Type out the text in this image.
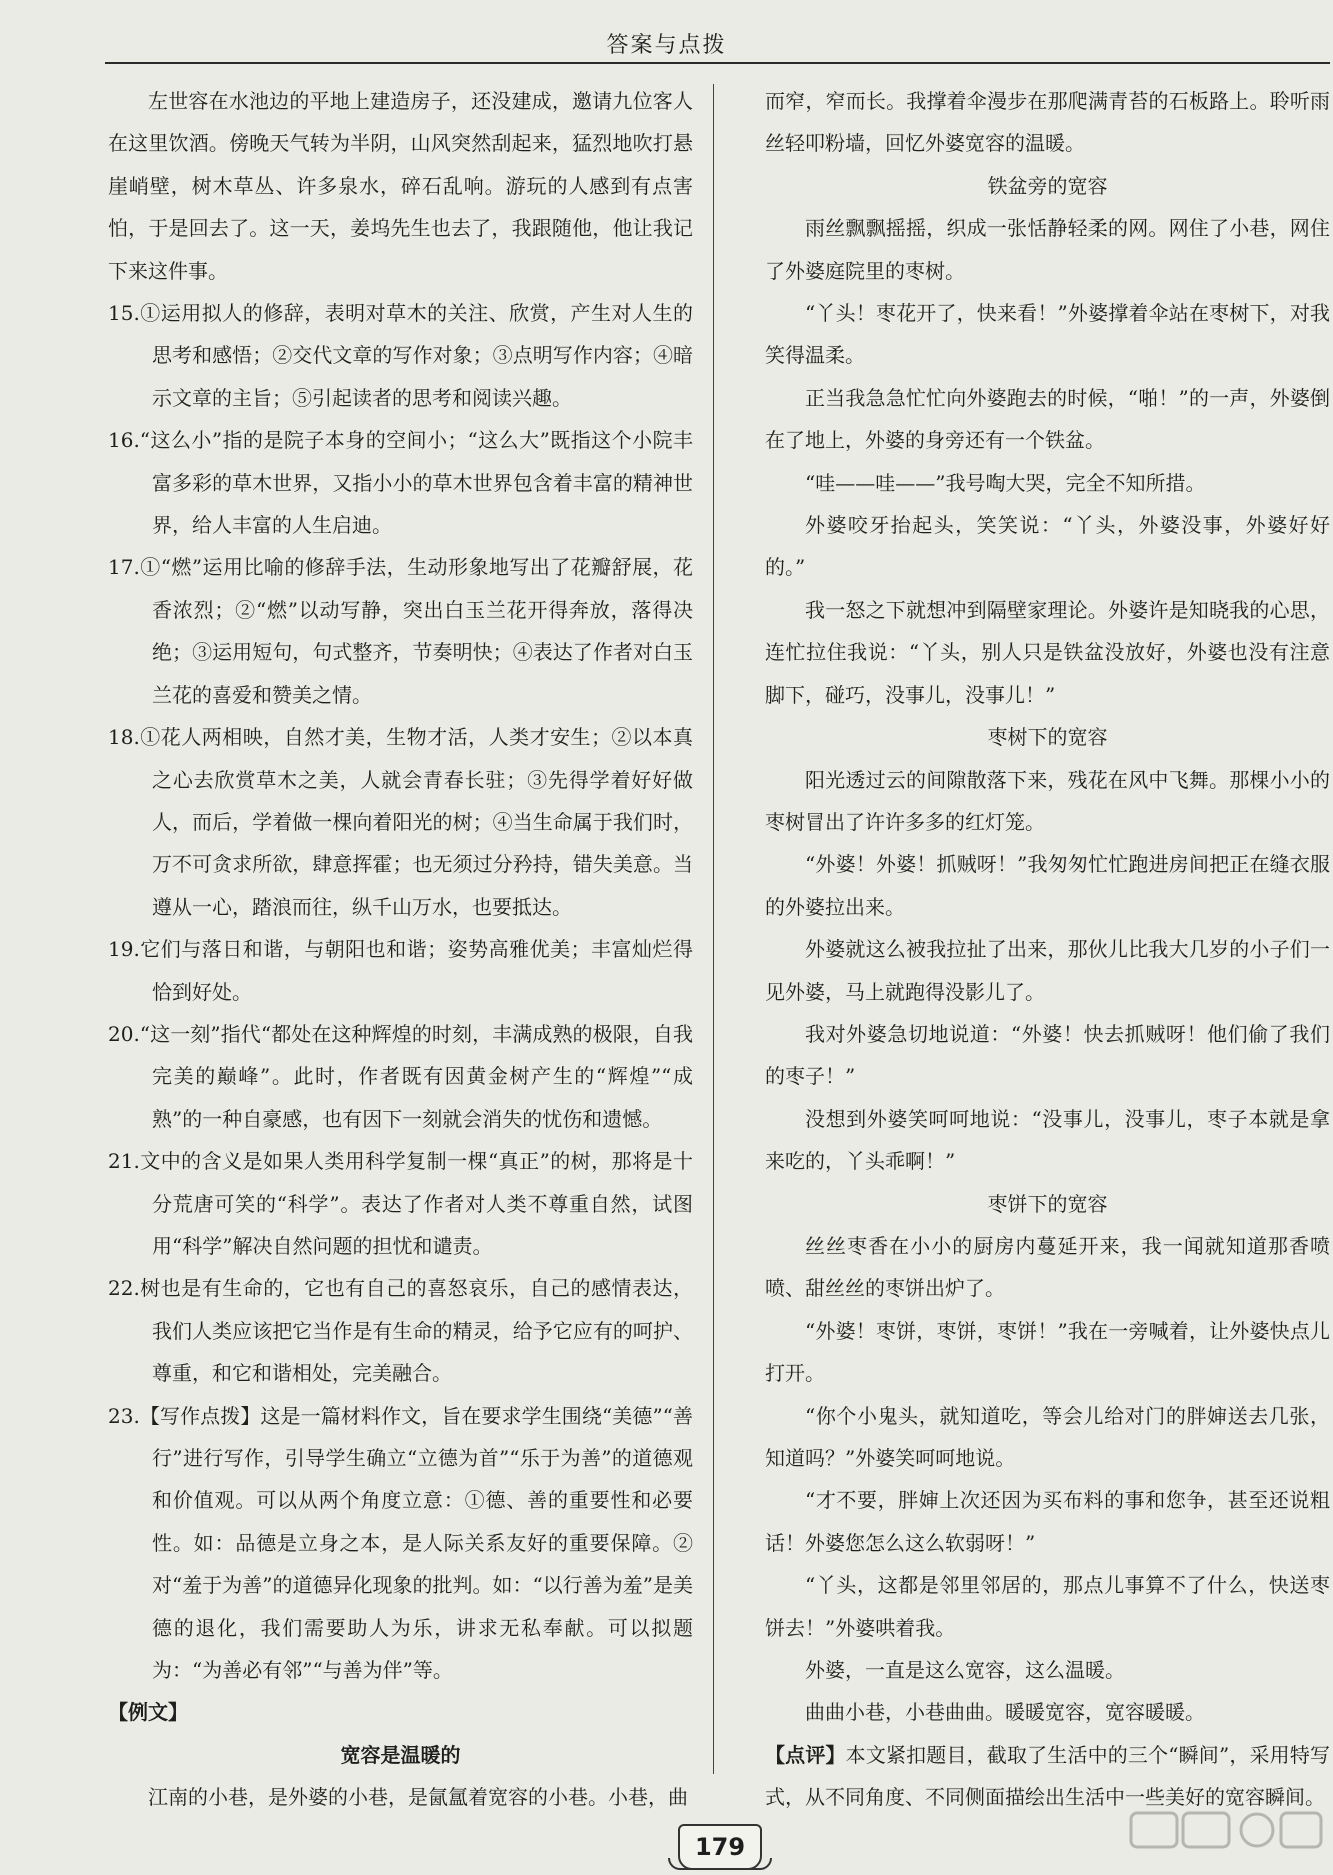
答案与点拨

左世容在水池边的平地上建造房子，还没建成，邀请九位客人在这里饮酒。傍晚天气转为半阴，山风突然刮起来，猛烈地吹打悬崖峭壁，树木草丛、许多泉水，碎石乱响。游玩的人感到有点害怕，于是回去了。这一天，姜坞先生也去了，我跟随他，他让我记下来这件事。

15.①运用拟人的修辞，表明对草木的关注、欣赏，产生对人生的思考和感悟；②交代文章的写作对象；③点明写作内容；④暗示文章的主旨；⑤引起读者的思考和阅读兴趣。

16.“这么小”指的是院子本身的空间小；“这么大”既指这个小院丰富多彩的草木世界，又指小小的草木世界包含着丰富的精神世界，给人丰富的人生启迪。

17.①“燃”运用比喻的修辞手法，生动形象地写出了花瓣舒展，花香浓烈；②“燃”以动写静，突出白玉兰花开得奔放，落得决绝；③运用短句，句式整齐，节奏明快；④表达了作者对白玉兰花的喜爱和赞美之情。

18.①花人两相映，自然才美，生物才活，人类才安生；②以本真之心去欣赏草木之美，人就会青春长驻；③先得学着好好做人，而后，学着做一棵向着阳光的树；④当生命属于我们时，万不可贪求所欲，肆意挥霍；也无须过分矜持，错失美意。当遵从一心，踏浪而往，纵千山万水，也要抵达。

19.它们与落日和谐，与朝阳也和谐；姿势高雅优美；丰富灿烂得恰到好处。

20.“这一刻”指代“都处在这种辉煌的时刻，丰满成熟的极限，自我完美的巅峰”。此时，作者既有因黄金树产生的“辉煌”“成熟”的一种自豪感，也有因下一刻就会消失的忧伤和遗憾。

21.文中的含义是如果人类用科学复制一棵“真正”的树，那将是十分荒唐可笑的“科学”。表达了作者对人类不尊重自然，试图用“科学”解决自然问题的担忧和谴责。

22.树也是有生命的，它也有自己的喜怒哀乐，自己的感情表达，我们人类应该把它当作是有生命的精灵，给予它应有的呵护、尊重，和它和谐相处，完美融合。

23.【写作点拨】这是一篇材料作文，旨在要求学生围绕“美德”“善行”进行写作，引导学生确立“立德为首”“乐于为善”的道德观和价值观。可以从两个角度立意：①德、善的重要性和必要性。如：品德是立身之本，是人际关系友好的重要保障。②对“羞于为善”的道德异化现象的批判。如：“以行善为羞”是美德的退化，我们需要助人为乐，讲求无私奉献。可以拟题为：“为善必有邻”“与善为伴”等。

【例文】

宽容是温暖的

江南的小巷，是外婆的小巷，是氤氲着宽容的小巷。小巷，曲

而窄，窄而长。我撑着伞漫步在那爬满青苔的石板路上。聆听雨丝轻叩粉墙，回忆外婆宽容的温暖。

铁盆旁的宽容

雨丝飘飘摇摇，织成一张恬静轻柔的网。网住了小巷，网住了外婆庭院里的枣树。

“丫头！枣花开了，快来看！”外婆撑着伞站在枣树下，对我笑得温柔。

正当我急急忙忙向外婆跑去的时候，“啪！”的一声，外婆倒在了地上，外婆的身旁还有一个铁盆。

“哇——哇——”我号啕大哭，完全不知所措。

外婆咬牙抬起头，笑笑说：“丫头，外婆没事，外婆好好的。”

我一怒之下就想冲到隔壁家理论。外婆许是知晓我的心思，连忙拉住我说：“丫头，别人只是铁盆没放好，外婆也没有注意脚下，碰巧，没事儿，没事儿！”

枣树下的宽容

阳光透过云的间隙散落下来，残花在风中飞舞。那棵小小的枣树冒出了许许多多的红灯笼。

“外婆！外婆！抓贼呀！”我匆匆忙忙跑进房间把正在缝衣服的外婆拉出来。

外婆就这么被我拉扯了出来，那伙儿比我大几岁的小子们一见外婆，马上就跑得没影儿了。

我对外婆急切地说道：“外婆！快去抓贼呀！他们偷了我们的枣子！”

没想到外婆笑呵呵地说：“没事儿，没事儿，枣子本就是拿来吃的，丫头乖啊！”

枣饼下的宽容

丝丝枣香在小小的厨房内蔓延开来，我一闻就知道那香喷喷、甜丝丝的枣饼出炉了。

“外婆！枣饼，枣饼，枣饼！”我在一旁喊着，让外婆快点儿打开。

“你个小鬼头，就知道吃，等会儿给对门的胖婶送去几张，知道吗？”外婆笑呵呵地说。

“才不要，胖婶上次还因为买布料的事和您争，甚至还说粗话！外婆您怎么这么软弱呀！”

“丫头，这都是邻里邻居的，那点儿事算不了什么，快送枣饼去！”外婆哄着我。

外婆，一直是这么宽容，这么温暖。

曲曲小巷，小巷曲曲。暖暖宽容，宽容暖暖。

【点评】本文紧扣题目，截取了生活中的三个“瞬间”，采用特写式，从不同角度、不同侧面描绘出生活中一些美好的宽容瞬间。

179
